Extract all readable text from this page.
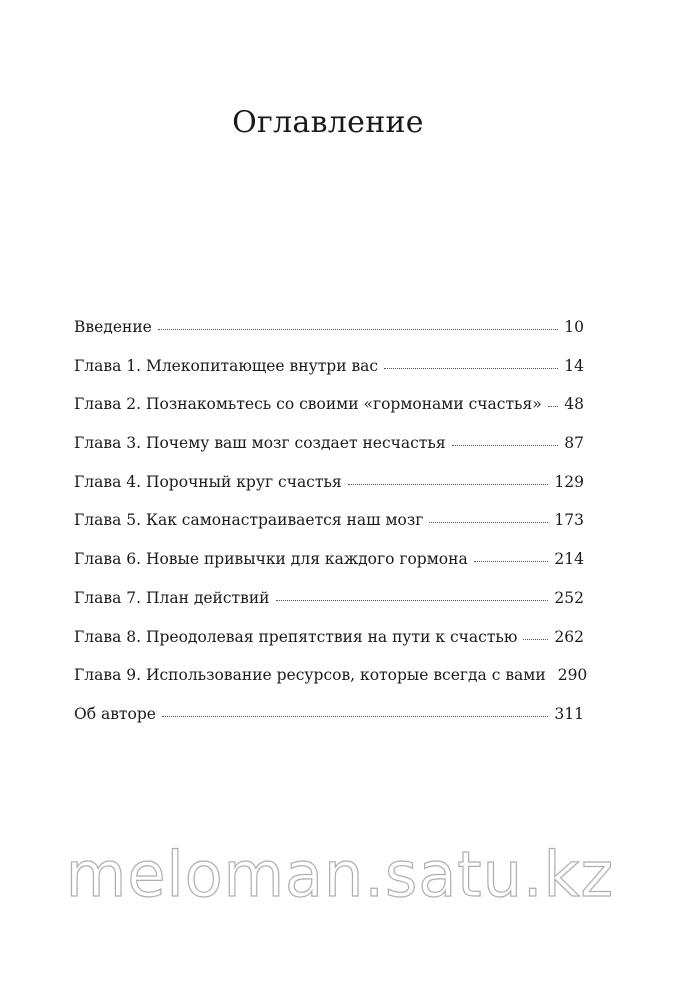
Оглавление
Введение	10
Глава 1. Млекопитающее внутри вас	14
Глава 2. Познакомьтесь со своими «гормонами счастья» 48
Глава 3. Почему ваш мозг создает несчастья	87
Глава 4. Порочный круг счастья	129
Глава 5. Как самонастраивается наш мозг	173
Глава 6. Новые привычки для каждого гормона	214
Глава 7. План действий	252
Глава 8. Преодолевая препятствия на пути к счастью 262
Глава 9. Использование ресурсов, которые всегда с вами 290
Об авторе	311
meloman.satu.kz
